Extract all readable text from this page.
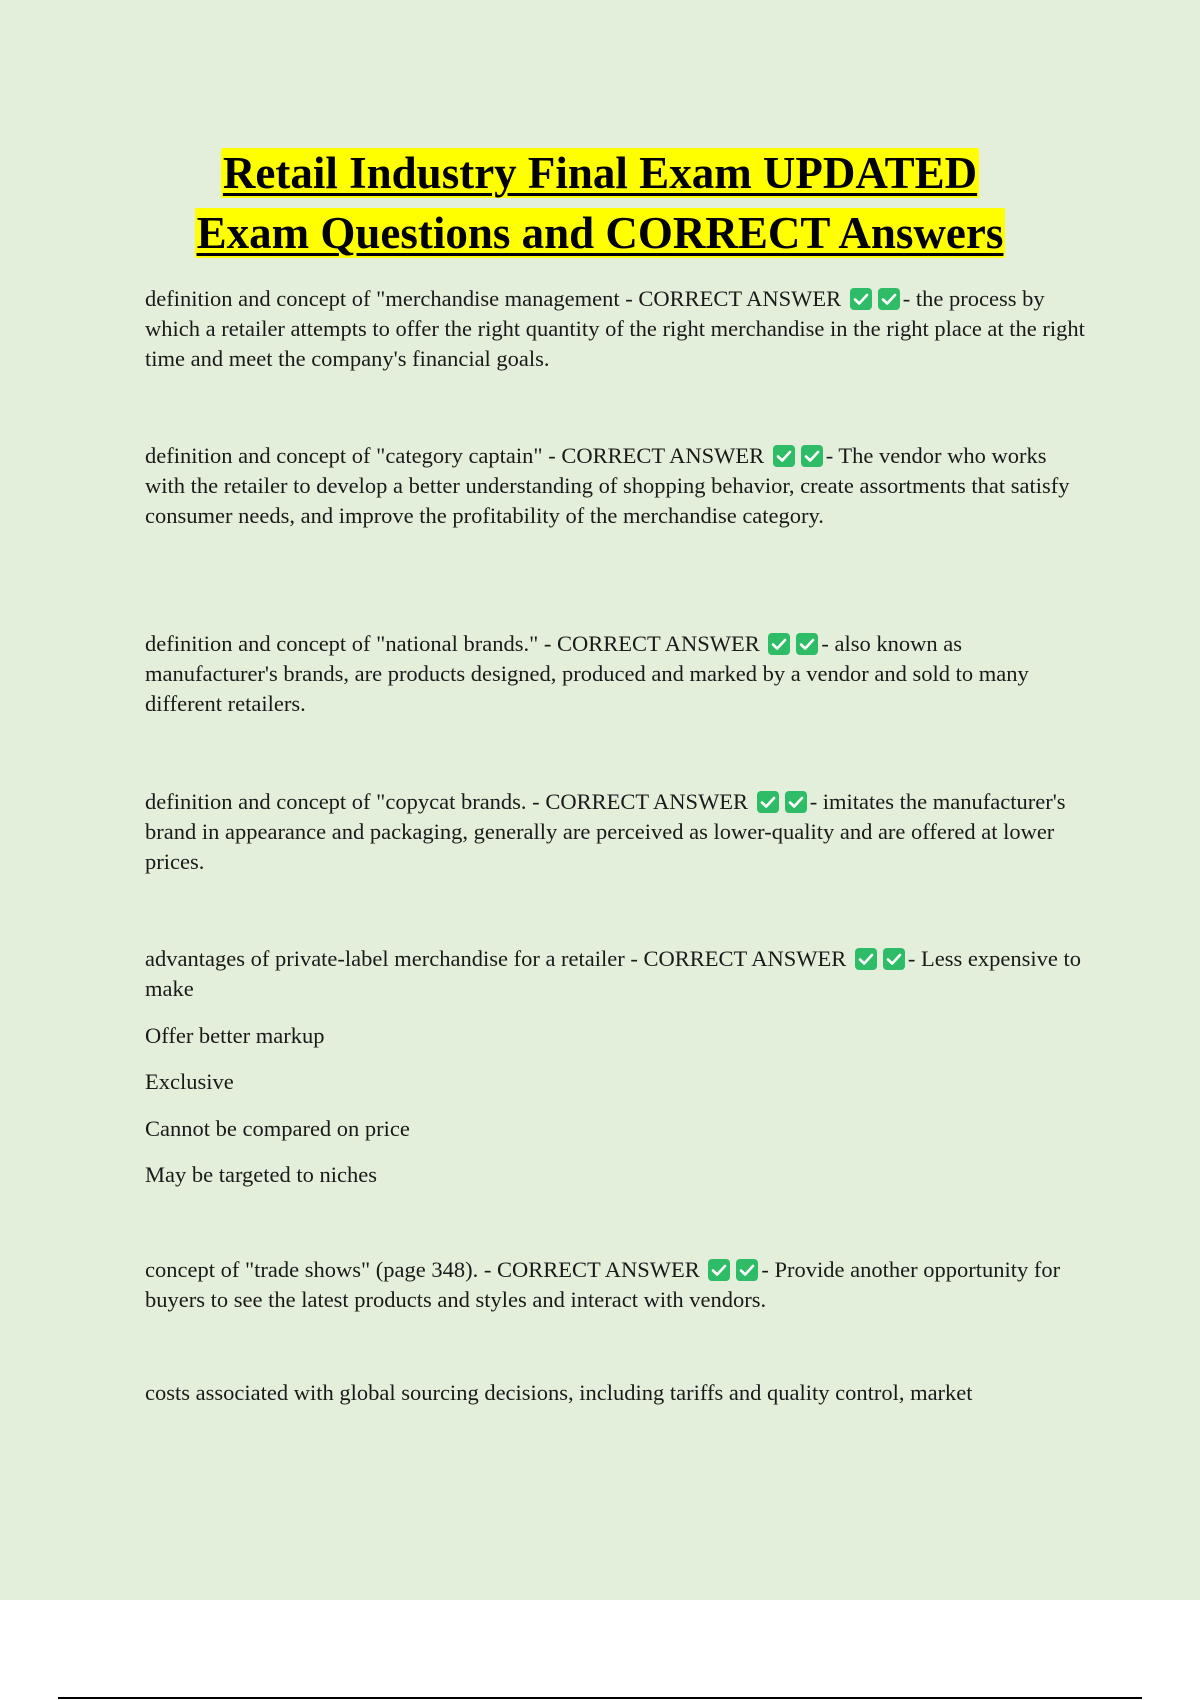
Retail Industry Final Exam UPDATED
Exam Questions and CORRECT Answers
definition and concept of "merchandise management - CORRECT ANSWER	- the process by which a retailer attempts to offer the right quantity of the right merchandise in the right place at the right time and meet the company's financial goals.
definition and concept of "category captain" - CORRECT ANSWER	- The vendor who works with the retailer to develop a better understanding of shopping behavior, create assortments that satisfy consumer needs, and improve the profitability of the merchandise category.
definition and concept of "national brands." - CORRECT ANSWER	- also known as manufacturer's brands, are products designed, produced and marked by a vendor and sold to many different retailers.
definition and concept of "copycat brands. - CORRECT ANSWER	- imitates the manufacturer's brand in appearance and packaging, generally are perceived as lower-quality and are offered at lower prices.
advantages of private-label merchandise for a retailer - CORRECT ANSWER	- Less expensive to make
Offer better markup
Exclusive
Cannot be compared on price
May be targeted to niches
concept of "trade shows" (page 348). - CORRECT ANSWER	- Provide another opportunity for buyers to see the latest products and styles and interact with vendors.
costs associated with global sourcing decisions, including tariffs and quality control, market
